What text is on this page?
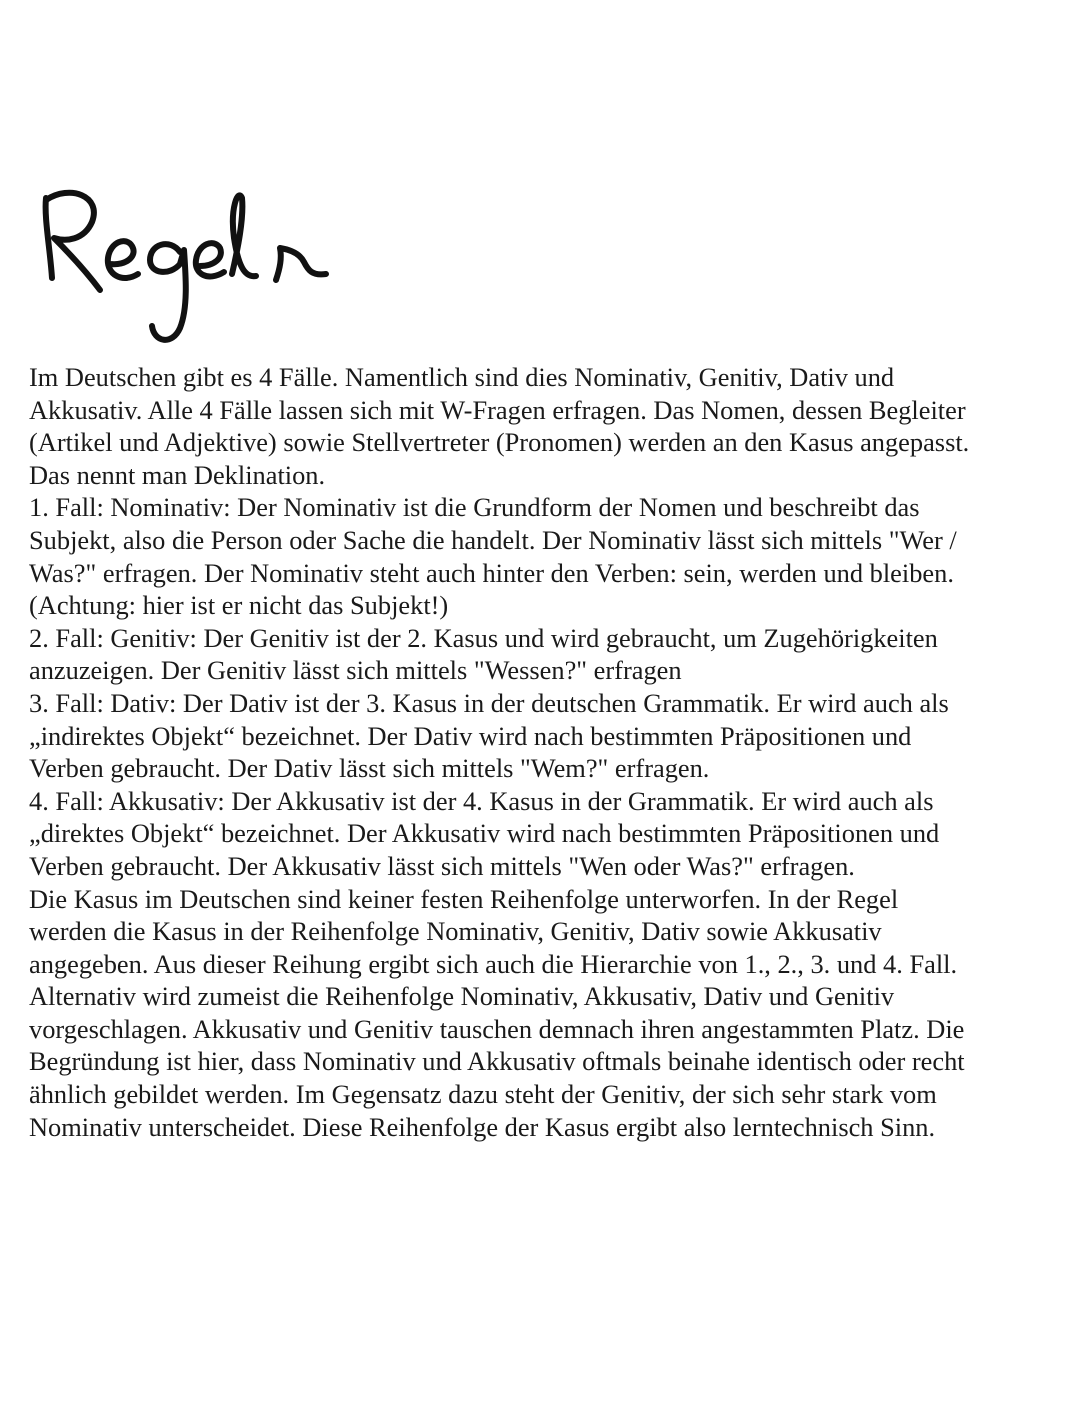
Im Deutschen gibt es 4 Fälle. Namentlich sind dies Nominativ, Genitiv, Dativ und
Akkusativ. Alle 4 Fälle lassen sich mit W-Fragen erfragen. Das Nomen, dessen Begleiter
(Artikel und Adjektive) sowie Stellvertreter (Pronomen) werden an den Kasus angepasst.
Das nennt man Deklination.
1. Fall: Nominativ: Der Nominativ ist die Grundform der Nomen und beschreibt das
Subjekt, also die Person oder Sache die handelt. Der Nominativ lässt sich mittels "Wer /
Was?" erfragen. Der Nominativ steht auch hinter den Verben: sein, werden und bleiben.
(Achtung: hier ist er nicht das Subjekt!)
2. Fall: Genitiv: Der Genitiv ist der 2. Kasus und wird gebraucht, um Zugehörigkeiten
anzuzeigen. Der Genitiv lässt sich mittels "Wessen?" erfragen
3. Fall: Dativ: Der Dativ ist der 3. Kasus in der deutschen Grammatik. Er wird auch als
„indirektes Objekt“ bezeichnet. Der Dativ wird nach bestimmten Präpositionen und
Verben gebraucht. Der Dativ lässt sich mittels "Wem?" erfragen.
4. Fall: Akkusativ: Der Akkusativ ist der 4. Kasus in der Grammatik. Er wird auch als
„direktes Objekt“ bezeichnet. Der Akkusativ wird nach bestimmten Präpositionen und
Verben gebraucht. Der Akkusativ lässt sich mittels "Wen oder Was?" erfragen.
Die Kasus im Deutschen sind keiner festen Reihenfolge unterworfen. In der Regel
werden die Kasus in der Reihenfolge Nominativ, Genitiv, Dativ sowie Akkusativ
angegeben. Aus dieser Reihung ergibt sich auch die Hierarchie von 1., 2., 3. und 4. Fall.
Alternativ wird zumeist die Reihenfolge Nominativ, Akkusativ, Dativ und Genitiv
vorgeschlagen. Akkusativ und Genitiv tauschen demnach ihren angestammten Platz. Die
Begründung ist hier, dass Nominativ und Akkusativ oftmals beinahe identisch oder recht
ähnlich gebildet werden. Im Gegensatz dazu steht der Genitiv, der sich sehr stark vom
Nominativ unterscheidet. Diese Reihenfolge der Kasus ergibt also lerntechnisch Sinn.
